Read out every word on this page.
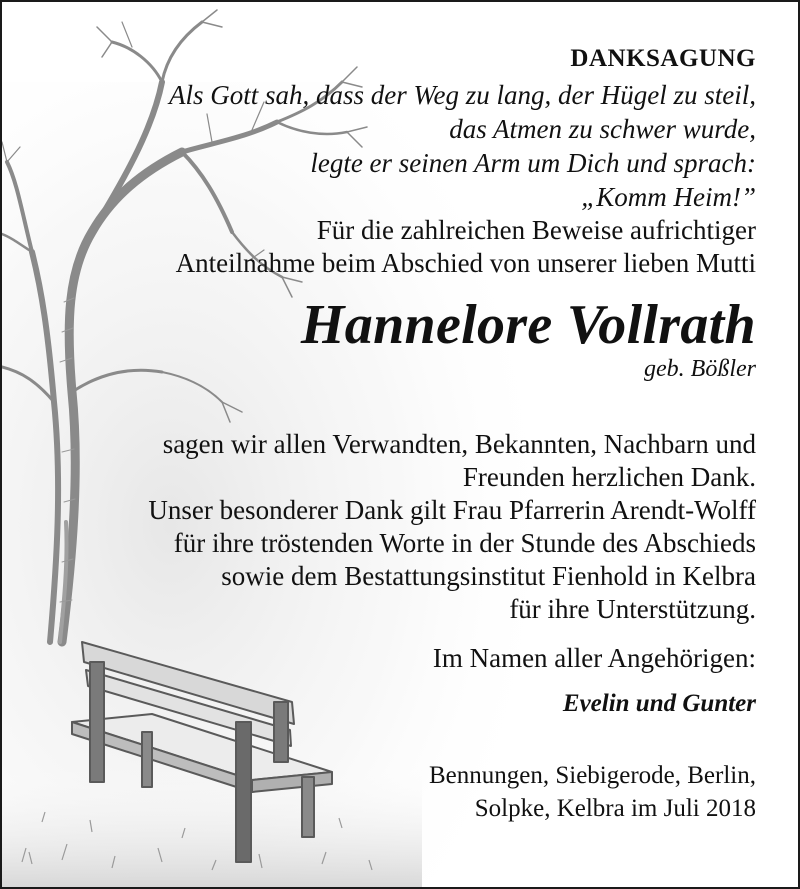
DANKSAGUNG
Als Gott sah, dass der Weg zu lang, der Hügel zu steil,
das Atmen zu schwer wurde,
legte er seinen Arm um Dich und sprach:
„Komm Heim!”
Für die zahlreichen Beweise aufrichtiger
Anteilnahme beim Abschied von unserer lieben Mutti
Hannelore Vollrath
geb. Bößler
sagen wir allen Verwandten, Bekannten, Nachbarn und
Freunden herzlichen Dank.
Unser besonderer Dank gilt Frau Pfarrerin Arendt-Wolff
für ihre tröstenden Worte in der Stunde des Abschieds
sowie dem Bestattungsinstitut Fienhold in Kelbra
für ihre Unterstützung.
Im Namen aller Angehörigen:
Evelin und Gunter
Bennungen, Siebigerode, Berlin,
Solpke, Kelbra im Juli 2018
